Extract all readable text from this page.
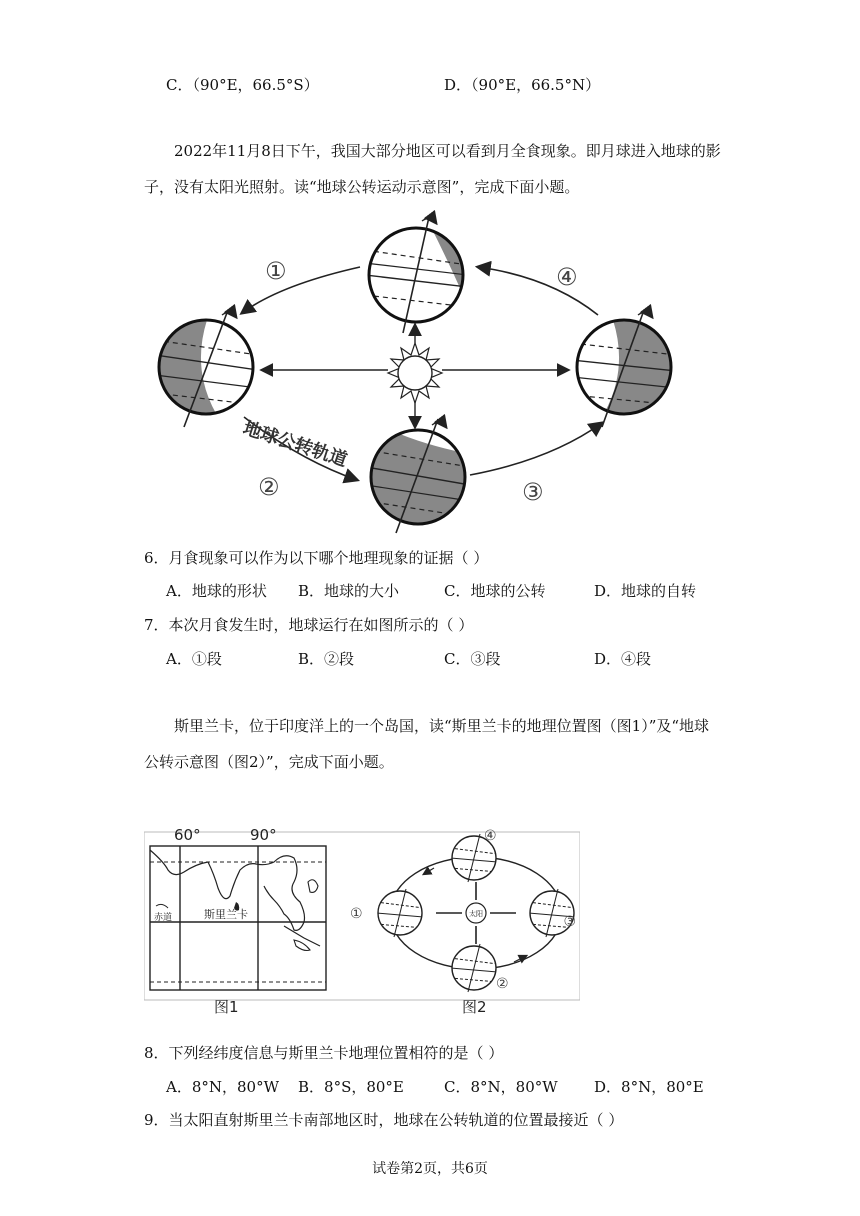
C．（90°E，66.5°S）	D．（90°E，66.5°N）
2022年11月8日下午，我国大部分地区可以看到月全食现象。即月球进入地球的影子，没有太阳光照射。读“地球公转运动示意图”，完成下面小题。
①
②	③
④
地球公转轨道
6．月食现象可以作为以下哪个地理现象的证据（ ）
A．地球的形状 B．地球的大小	C．地球的公转	D．地球的自转
7．本次月食发生时，地球运行在如图所示的（ ）
A．①段	B．②段	C．③段	D．④段
斯里兰卡，位于印度洋上的一个岛国，读“斯里兰卡的地理位置图（图1）”及“地球公转示意图（图2）”，完成下面小题。
60°	90°
赤道	斯里兰卡	太阳
①
②
③
④
图1	图2
8．下列经纬度信息与斯里兰卡地理位置相符的是（ ）
A．8°N，80°W B．8°S，80°E	C．8°N，80°W D．8°N，80°E
9．当太阳直射斯里兰卡南部地区时，地球在公转轨道的位置最接近（ ）
试卷第2页，共6页
